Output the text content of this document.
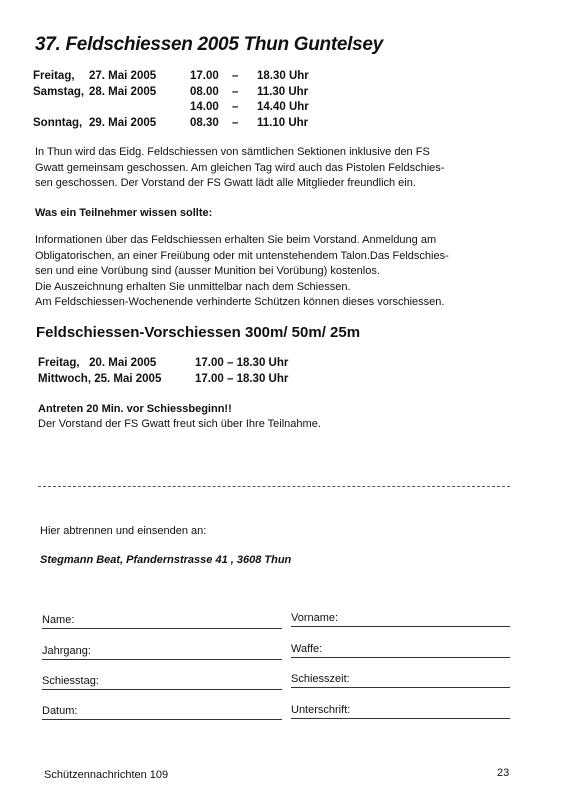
37. Feldschiessen 2005 Thun Guntelsey
Freitag, 27. Mai 2005	17.00 – 18.30 Uhr
Samstag, 28. Mai 2005	08.00 – 11.30 Uhr
14.00 – 14.40 Uhr
Sonntag, 29. Mai 2005	08.30 – 11.10 Uhr
In Thun wird das Eidg. Feldschiessen von sämtlichen Sektionen inklusive den FS
Gwatt gemeinsam geschossen. Am gleichen Tag wird auch das Pistolen Feldschies-
sen geschossen. Der Vorstand der FS Gwatt lädt alle Mitglieder freundlich ein.
Was ein Teilnehmer wissen sollte:
Informationen über das Feldschiessen erhalten Sie beim Vorstand. Anmeldung am
Obligatorischen, an einer Freiübung oder mit untenstehendem Talon.Das Feldschies-
sen und eine Vorübung sind (ausser Munition bei Vorübung) kostenlos.
Die Auszeichnung erhalten Sie unmittelbar nach dem Schiessen.
Am Feldschiessen-Wochenende verhinderte Schützen können dieses vorschiessen.
Feldschiessen-Vorschiessen 300m/ 50m/ 25m
Freitag,   20. Mai 2005	17.00 – 18.30 Uhr
Mittwoch, 25. Mai 2005	17.00 – 18.30 Uhr
Antreten 20 Min. vor Schiessbeginn!!
Der Vorstand der FS Gwatt freut sich über Ihre Teilnahme.
Hier abtrennen und einsenden an:
Stegmann Beat, Pfandernstrasse 41 , 3608 Thun
Name:	Vorname:
Jahrgang:	Waffe:
Schiesstag:	Schiesszeit:
Datum:	Unterschrift:
Schützennachrichten 109	23
